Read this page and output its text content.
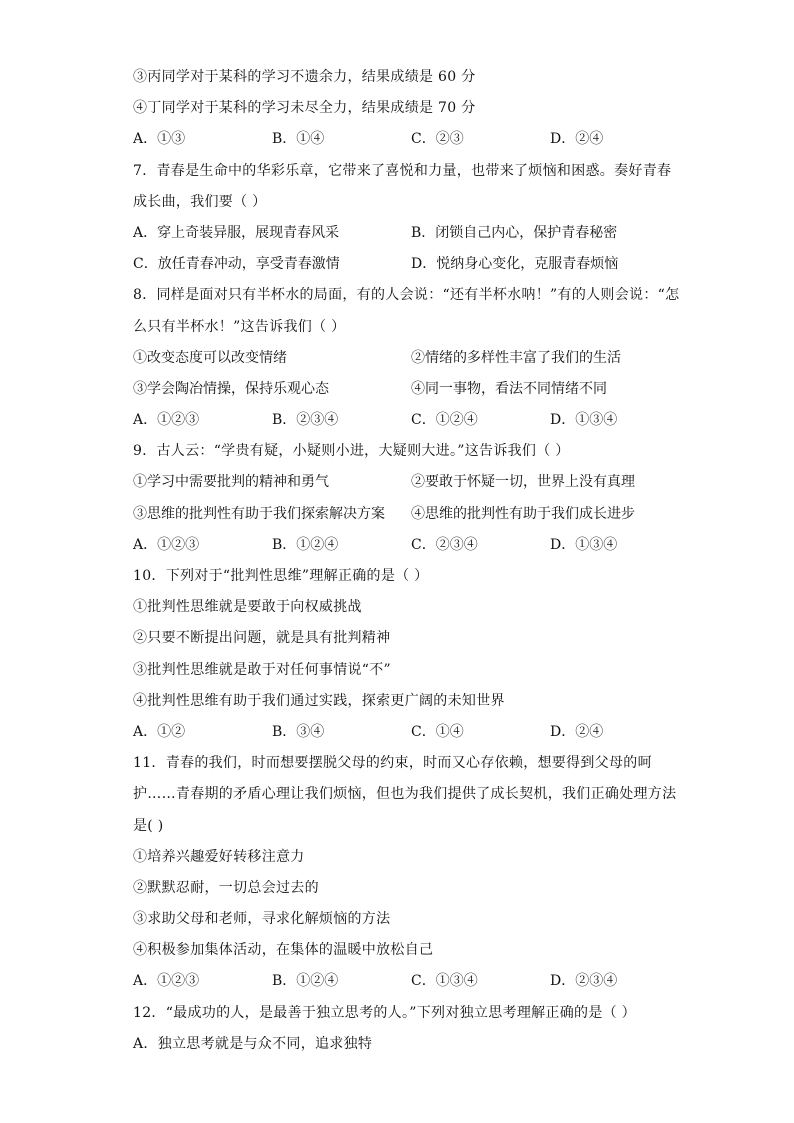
③丙同学对于某科的学习不遗余力，结果成绩是 60 分
④丁同学对于某科的学习未尽全力，结果成绩是 70 分
A．①③	B．①④	C．②③	D．②④
7．青春是生命中的华彩乐章，它带来了喜悦和力量，也带来了烦恼和困惑。奏好青春
成长曲，我们要（ ）
A．穿上奇装异服，展现青春风采	B．闭锁自己内心，保护青春秘密
C．放任青春冲动，享受青春激情	D．悦纳身心变化，克服青春烦恼
8．同样是面对只有半杯水的局面，有的人会说：“还有半杯水呐！”有的人则会说：“怎
么只有半杯水！”这告诉我们（ ）
①改变态度可以改变情绪	②情绪的多样性丰富了我们的生活
③学会陶冶情操，保持乐观心态	④同一事物，看法不同情绪不同
A．①②③	B．②③④	C．①②④	D．①③④
9．古人云：“学贵有疑，小疑则小进，大疑则大进。”这告诉我们（ ）
①学习中需要批判的精神和勇气	②要敢于怀疑一切，世界上没有真理
③思维的批判性有助于我们探索解决方案	④思维的批判性有助于我们成长进步
A．①②③	B．①②④	C．②③④	D．①③④
10．下列对于“批判性思维”理解正确的是（ ）
①批判性思维就是要敢于向权威挑战
②只要不断提出问题，就是具有批判精神
③批判性思维就是敢于对任何事情说“不”
④批判性思维有助于我们通过实践，探索更广阔的未知世界
A．①②	B．③④	C．①④	D．②④
11．青春的我们，时而想要摆脱父母的约束，时而又心存依赖，想要得到父母的呵
护……青春期的矛盾心理让我们烦恼，但也为我们提供了成长契机，我们正确处理方法
是( )
①培养兴趣爱好转移注意力
②默默忍耐，一切总会过去的
③求助父母和老师，寻求化解烦恼的方法
④积极参加集体活动，在集体的温暖中放松自己
A．①②③	B．①②④	C．①③④	D．②③④
12．“最成功的人，是最善于独立思考的人。”下列对独立思考理解正确的是（ ）
A．独立思考就是与众不同，追求独特
